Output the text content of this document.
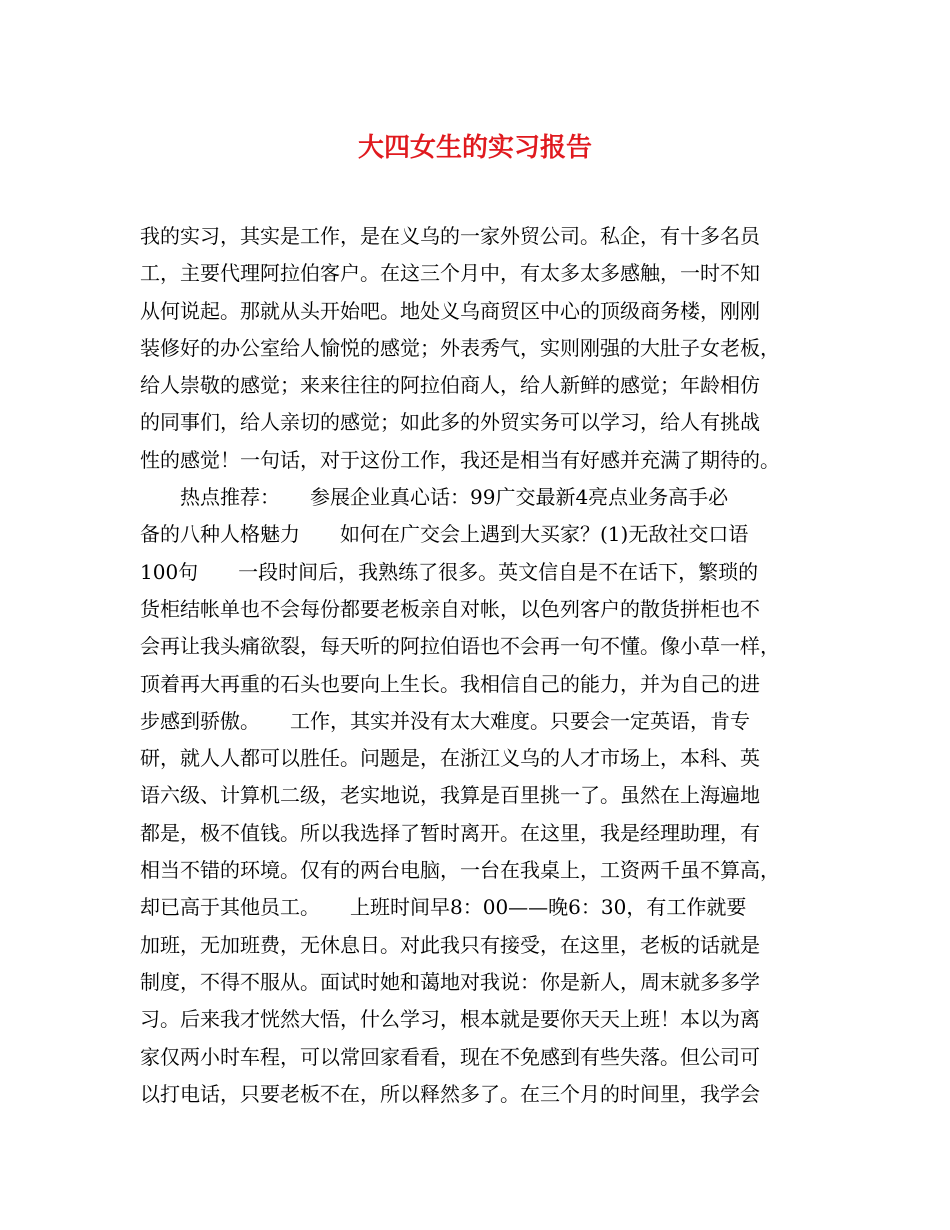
大四女生的实习报告
我的实习，其实是工作，是在义乌的一家外贸公司。私企，有十多名员
工，主要代理阿拉伯客户。在这三个月中，有太多太多感触，一时不知
从何说起。那就从头开始吧。地处义乌商贸区中心的顶级商务楼，刚刚
装修好的办公室给人愉悦的感觉；外表秀气，实则刚强的大肚子女老板，
给人崇敬的感觉；来来往往的阿拉伯商人，给人新鲜的感觉；年龄相仿
的同事们，给人亲切的感觉；如此多的外贸实务可以学习，给人有挑战
性的感觉！一句话，对于这份工作，我还是相当有好感并充满了期待的。
　　热点推荐：　　参展企业真心话：99广交最新4亮点业务高手必
备的八种人格魅力　　如何在广交会上遇到大买家？(1)无敌社交口语
100句　　一段时间后，我熟练了很多。英文信自是不在话下，繁琐的
货柜结帐单也不会每份都要老板亲自对帐，以色列客户的散货拼柜也不
会再让我头痛欲裂，每天听的阿拉伯语也不会再一句不懂。像小草一样，
顶着再大再重的石头也要向上生长。我相信自己的能力，并为自己的进
步感到骄傲。　　工作，其实并没有太大难度。只要会一定英语，肯专
研，就人人都可以胜任。问题是，在浙江义乌的人才市场上，本科、英
语六级、计算机二级，老实地说，我算是百里挑一了。虽然在上海遍地
都是，极不值钱。所以我选择了暂时离开。在这里，我是经理助理，有
相当不错的环境。仅有的两台电脑，一台在我桌上，工资两千虽不算高，
却已高于其他员工。　　上班时间早8：00——晚6：30，有工作就要
加班，无加班费，无休息日。对此我只有接受，在这里，老板的话就是
制度，不得不服从。面试时她和蔼地对我说：你是新人，周末就多多学
习。后来我才恍然大悟，什么学习，根本就是要你天天上班！本以为离
家仅两小时车程，可以常回家看看，现在不免感到有些失落。但公司可
以打电话，只要老板不在，所以释然多了。在三个月的时间里，我学会
